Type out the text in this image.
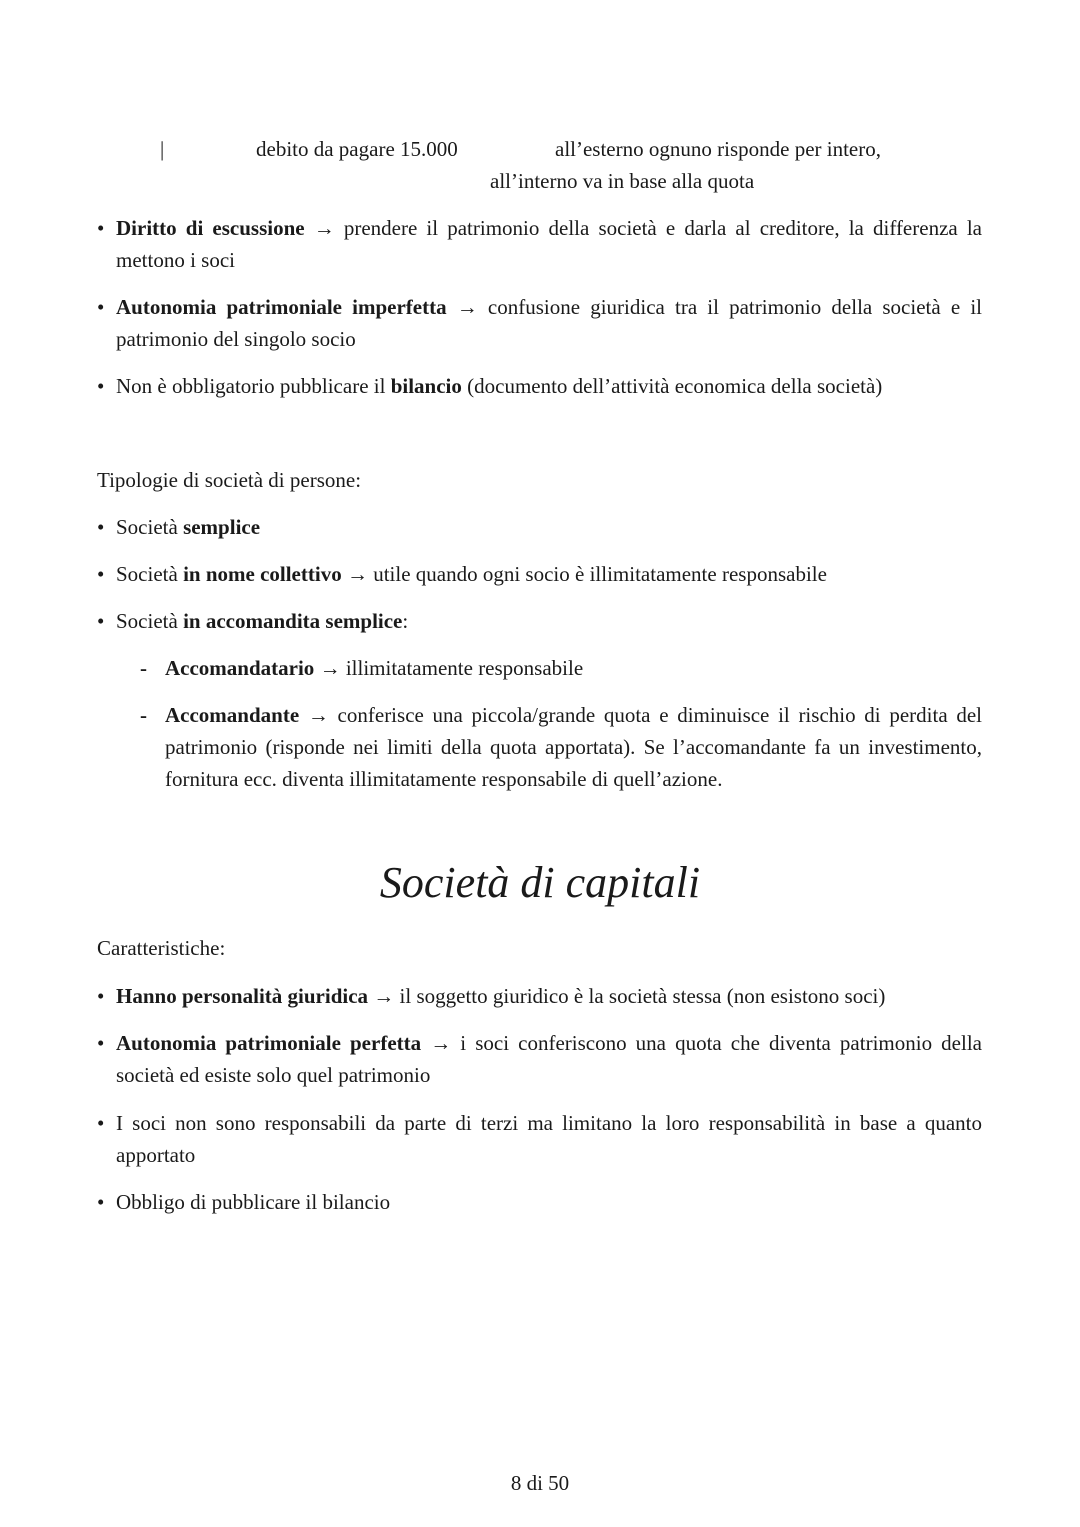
|	debito da pagare 15.000	all’esterno ognuno risponde per intero,
all’interno va in base alla quota
• Diritto di escussione → prendere il patrimonio della società e darla al creditore, la differenza la mettono i soci
• Autonomia patrimoniale imperfetta → confusione giuridica tra il patrimonio della società e il patrimonio del singolo socio
• Non è obbligatorio pubblicare il bilancio (documento dell’attività economica della società)
Tipologie di società di persone:
• Società semplice
• Società in nome collettivo → utile quando ogni socio è illimitatamente responsabile
• Società in accomandita semplice:
- Accomandatario → illimitatamente responsabile
- Accomandante → conferisce una piccola/grande quota e diminuisce il rischio di perdita del patrimonio (risponde nei limiti della quota apportata). Se l’accomandante fa un investimento, fornitura ecc. diventa illimitatamente responsabile di quell’azione.
Società di capitali
Caratteristiche:
• Hanno personalità giuridica → il soggetto giuridico è la società stessa (non esistono soci)
• Autonomia patrimoniale perfetta → i soci conferiscono una quota che diventa patrimonio della società ed esiste solo quel patrimonio
• I soci non sono responsabili da parte di terzi ma limitano la loro responsabilità in base a quanto apportato
• Obbligo di pubblicare il bilancio
8 di 50
